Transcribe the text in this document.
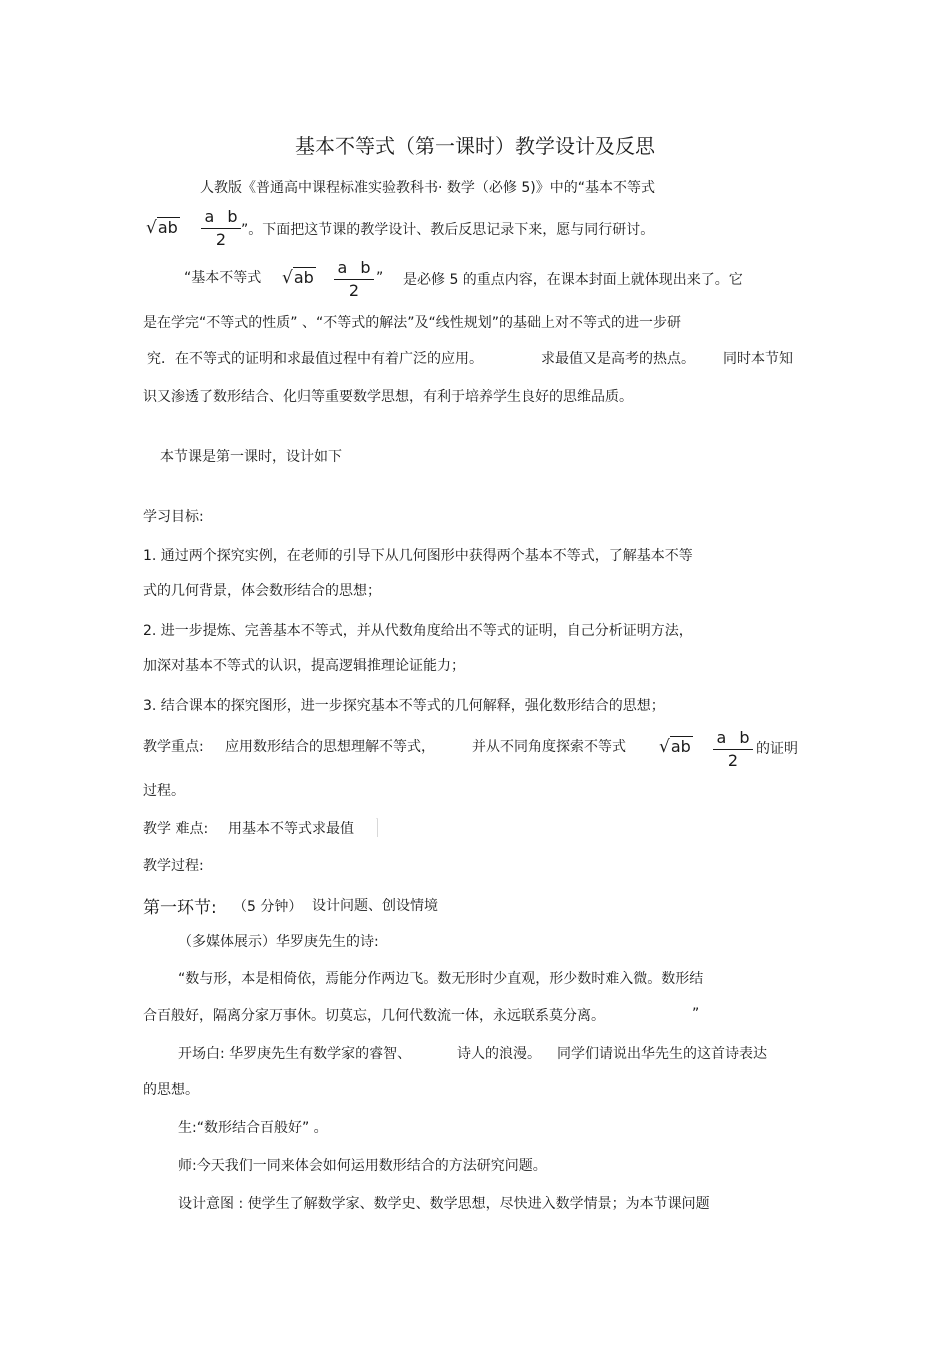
基本不等式（第一课时）教学设计及反思
人教版《普通高中课程标准实验教科书· 数学（必修 5)》中的“基本不等式
√ab
a b
2	”。下面把这节课的教学设计、教后反思记录下来，愿与同行研讨。
“基本不等式 √ab
a b
2
” 是必修 5 的重点内容，在课本封面上就体现出来了。它
是在学完“不等式的性质” 、“不等式的解法”及“线性规划”的基础上对不等式的进一步研
究．在不等式的证明和求最值过程中有着广泛的应用。	求最值又是高考的热点。 同时本节知
识又渗透了数形结合、化归等重要数学思想，有利于培养学生良好的思维品质。
本节课是第一课时，设计如下
学习目标:
1. 通过两个探究实例，在老师的引导下从几何图形中获得两个基本不等式，了解基本不等
式的几何背景，体会数形结合的思想；
2. 进一步提炼、完善基本不等式，并从代数角度给出不等式的证明，自己分析证明方法，
加深对基本不等式的认识，提高逻辑推理论证能力；
3. 结合课本的探究图形，进一步探究基本不等式的几何解释，强化数形结合的思想；
教学重点: 应用数形结合的思想理解不等式，	并从不同角度探索不等式 √ab a b
2
的证明
过程。
教学 难点: 用基本不等式求最值
教学过程:
第一环节: （5 分钟） 设计问题、创设情境
（多媒体展示）华罗庚先生的诗:
“数与形，本是相倚依，焉能分作两边飞。数无形时少直观，形少数时难入微。数形结
合百般好，隔离分家万事休。切莫忘，几何代数流一体，永远联系莫分离。	”
开场白: 华罗庚先生有数学家的睿智、	诗人的浪漫。 同学们请说出华先生的这首诗表达
的思想。
生:“数形结合百般好” 。
师:今天我们一同来体会如何运用数形结合的方法研究问题。
设计意图 : 使学生了解数学家、数学史、数学思想，尽快进入数学情景；为本节课问题
